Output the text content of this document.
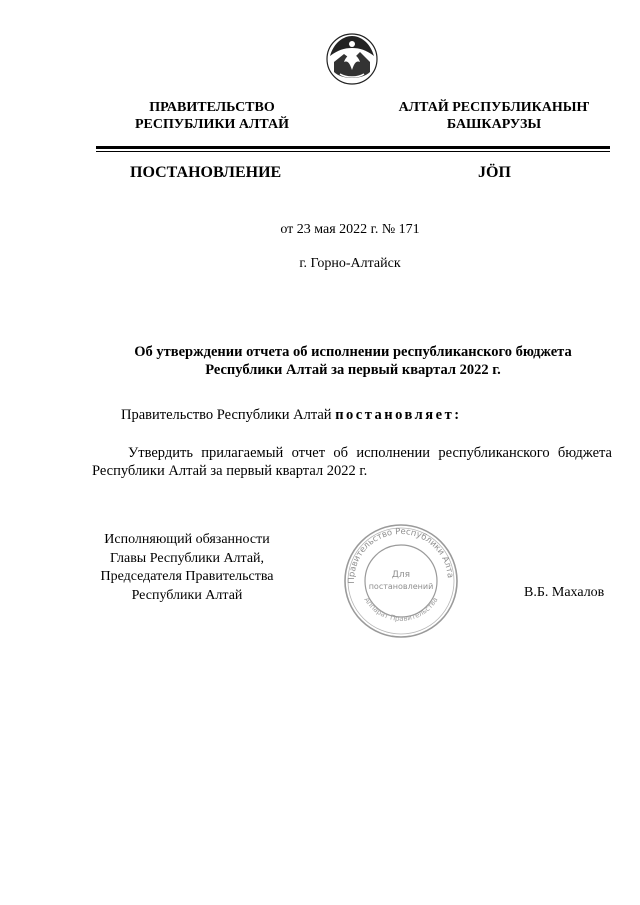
ПРАВИТЕЛЬСТВО
РЕСПУБЛИКИ АЛТАЙ
АЛТАЙ РЕСПУБЛИКАНЫҤ
БАШКАРУЗЫ
ПОСТАНОВЛЕНИЕ	JӦП
от 23 мая 2022 г. № 171
г. Горно-Алтайск
Об утверждении отчета об исполнении республиканского бюджета
Республики Алтай за первый квартал 2022 г.
Правительство Республики Алтай постановляет:
Утвердить прилагаемый отчет об исполнении республиканского бюджета Республики Алтай за первый квартал 2022 г.
Исполняющий обязанности
Главы Республики Алтай,
Председателя Правительства
Республики Алтай
Правительство Республики Алта
Аппарат Правительства
Для
постановлений	В.Б. Махалов
